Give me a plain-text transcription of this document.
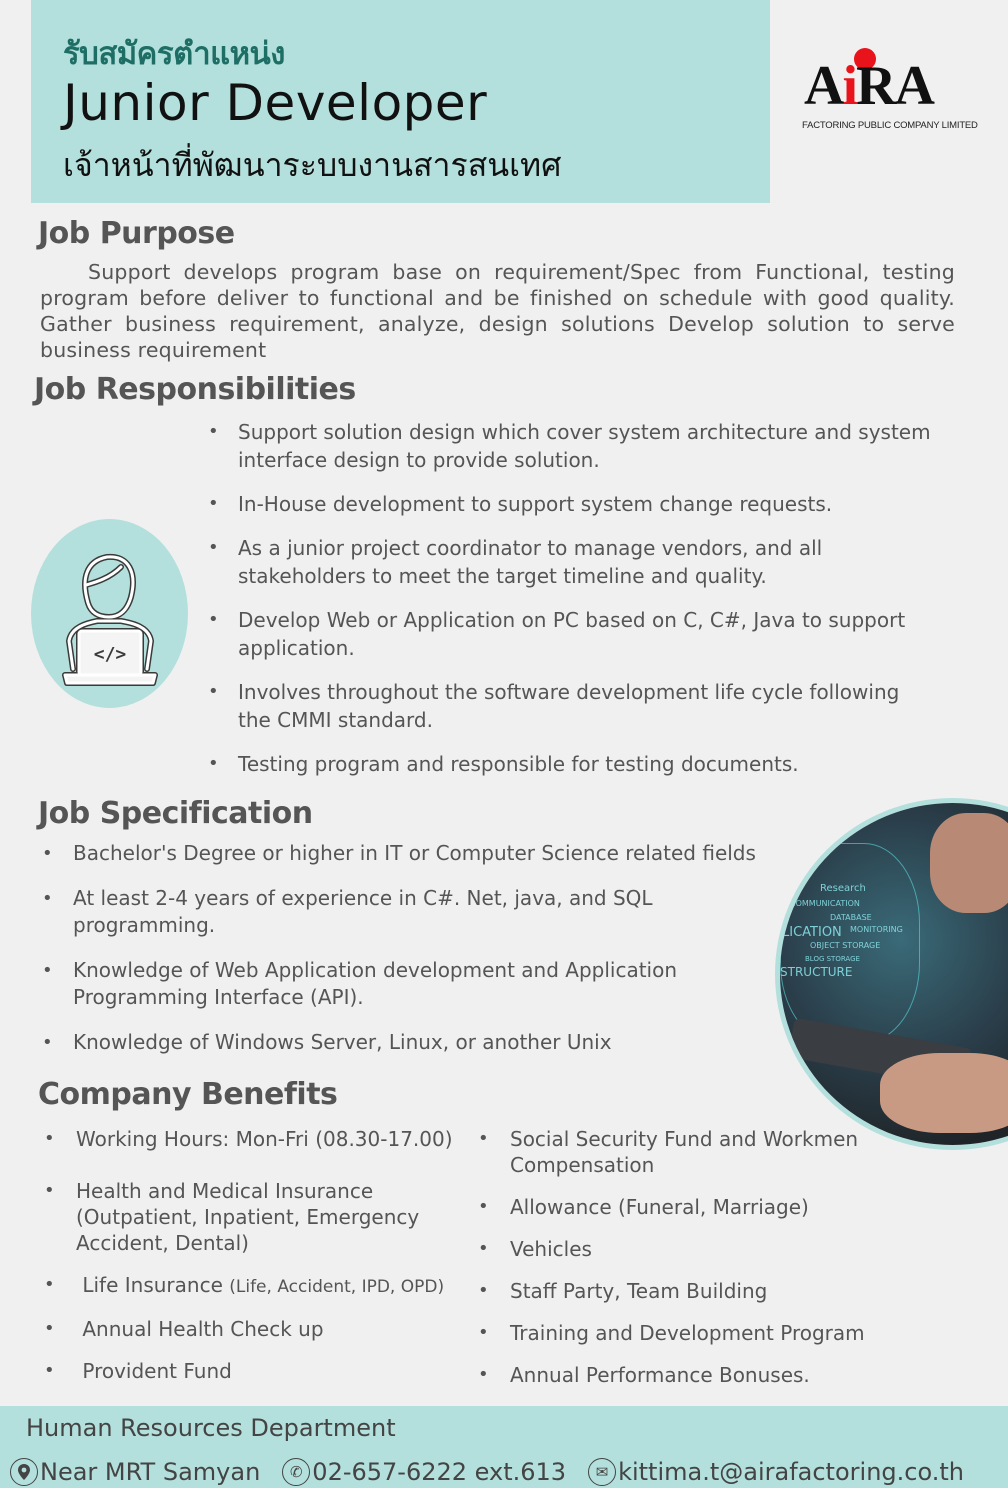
รับสมัครตำแหน่ง
Junior Developer
เจ้าหน้าที่พัฒนาระบบงานสารสนเทศ
AiRA
FACTORING PUBLIC COMPANY LIMITED
Job Purpose

Support develops program base on requirement/Spec from Functional, testing program before deliver to functional and be finished on schedule with good quality. Gather business requirement, analyze, design solutions Develop solution to serve business requirement

Job Responsibilities
</>
• Support solution design which cover system architecture and system interface design to provide solution.
• In-House development to support system change requests.
• As a junior project coordinator to manage vendors, and all stakeholders to meet the target timeline and quality.
• Develop Web or Application on PC based on C, C#, Java to support application.
• Involves throughout the software development life cycle following the CMMI standard.
• Testing program and responsible for testing documents.
Job Specification
• Bachelor's Degree or higher in IT or Computer Science related fields
• At least 2-4 years of experience in C#. Net, java, and SQL programming.
• Knowledge of Web Application development and Application Programming Interface (API).
• Knowledge of Windows Server, Linux, or another Unix
Research
COMMUNICATION
DATABASE
LICATION MONITORING
OBJECT STORAGE
BLOG STORAGE
STRUCTURE
Company Benefits
• Working Hours: Mon-Fri (08.30-17.00)
• Health and Medical Insurance (Outpatient, Inpatient, Emergency Accident, Dental)
• Life Insurance (Life, Accident, IPD, OPD)
• Annual Health Check up
• Provident Fund
• Social Security Fund and Workmen Compensation
• Allowance (Funeral, Marriage)
• Vehicles
• Staff Party, Team Building
• Training and Development Program
• Annual Performance Bonuses.
Human Resources Department
Near MRT Samyan	✆ 02-657-6222 ext.613	✉ kittima.t@airafactoring.co.th
